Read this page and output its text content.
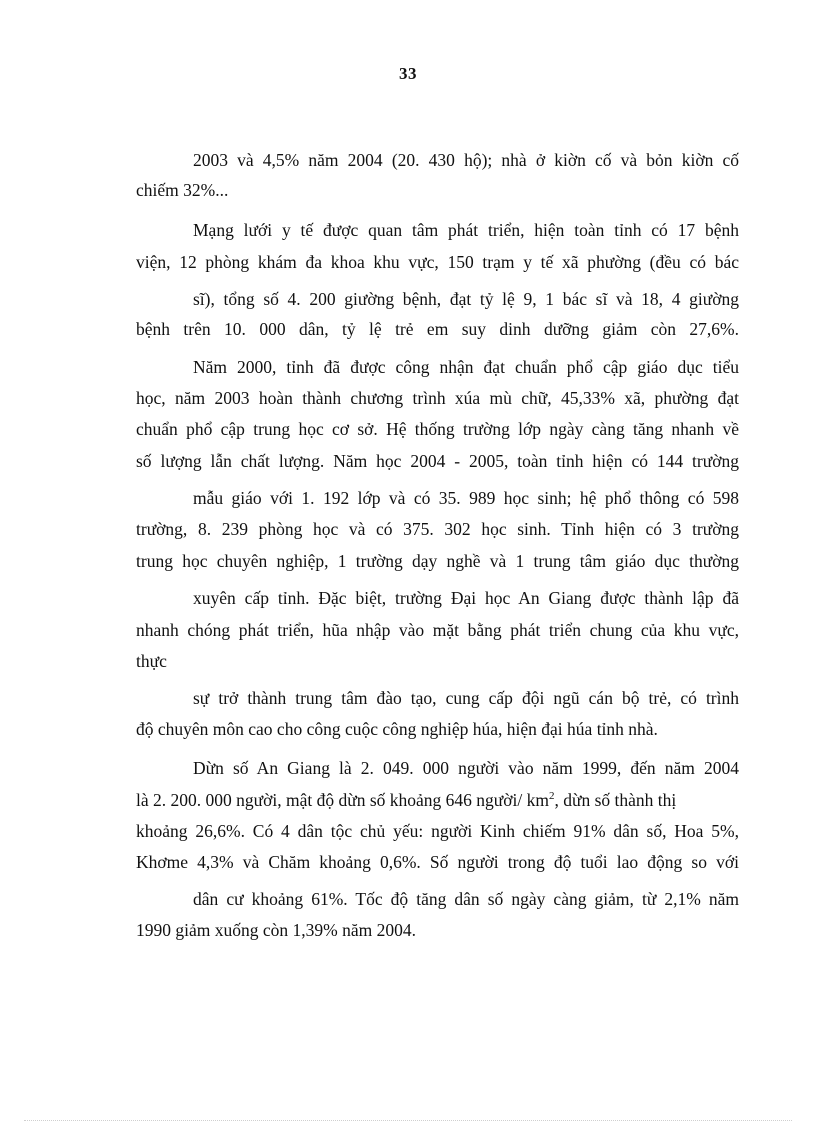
33
2003 và 4,5% năm 2004 (20. 430 hộ); nhà ở kiờn cố và bỏn kiờn cố
chiếm 32%...
Mạng lưới y tế được quan tâm phát triển, hiện toàn tỉnh có 17 bệnh
viện, 12 phòng khám đa khoa khu vực, 150 trạm y tế xã phường (đều có bác
sĩ), tổng số 4. 200 giường bệnh, đạt tỷ lệ 9, 1 bác sĩ và 18, 4 giường
bệnh trên 10. 000 dân, tỷ lệ trẻ em suy dinh dưỡng giảm còn 27,6%.
Năm 2000, tỉnh đã được công nhận đạt chuẩn phổ cập giáo dục tiểu
học, năm 2003 hoàn thành chương trình xúa mù chữ, 45,33% xã, phường đạt
chuẩn phổ cập trung học cơ sở. Hệ thống trường lớp ngày càng tăng nhanh về
số lượng lẫn chất lượng. Năm học 2004 - 2005, toàn tỉnh hiện có 144 trường
mẫu giáo với 1. 192 lớp và có 35. 989 học sinh; hệ phổ thông có 598
trường, 8. 239 phòng học và có 375. 302 học sinh. Tỉnh hiện có 3 trường
trung học chuyên nghiệp, 1 trường dạy nghề và 1 trung tâm giáo dục thường
xuyên cấp tỉnh. Đặc biệt, trường Đại học An Giang được thành lập đã
nhanh chóng phát triển, hũa nhập vào mặt bằng phát triển chung của khu vực,
thực
sự trở thành trung tâm đào tạo, cung cấp đội ngũ cán bộ trẻ, có trình
độ chuyên môn cao cho công cuộc công nghiệp húa, hiện đại húa tỉnh nhà.
Dừn số An Giang là 2. 049. 000 người vào năm 1999, đến năm 2004
là 2. 200. 000 người, mật độ dừn số khoảng 646 người/ $km^2$, dừn số thành thị
khoảng 26,6%. Có 4 dân tộc chủ yếu: người Kinh chiếm 91% dân số, Hoa 5%,
Khơme 4,3% và Chăm khoảng 0,6%. Số người trong độ tuổi lao động so với
dân cư khoảng 61%. Tốc độ tăng dân số ngày càng giảm, từ 2,1% năm
1990 giảm xuống còn 1,39% năm 2004.
